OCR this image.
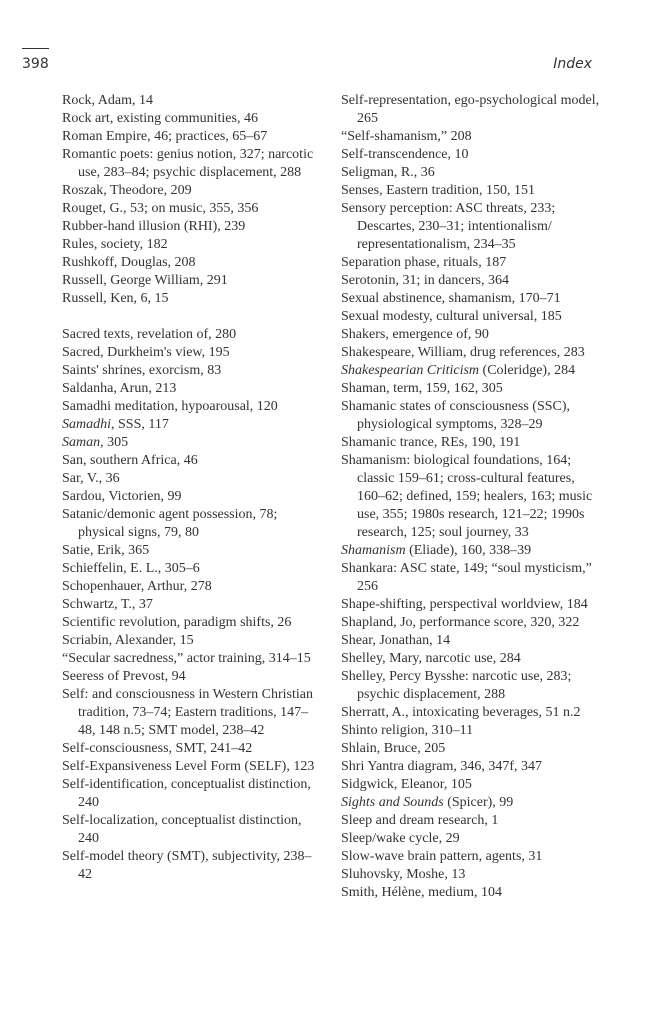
398	Index
Rock, Adam, 14
Rock art, existing communities, 46
Roman Empire, 46; practices, 65–67
Romantic poets: genius notion, 327; narcotic use, 283–84; psychic displacement, 288
Roszak, Theodore, 209
Rouget, G., 53; on music, 355, 356
Rubber-hand illusion (RHI), 239
Rules, society, 182
Rushkoff, Douglas, 208
Russell, George William, 291
Russell, Ken, 6, 15
Sacred texts, revelation of, 280
Sacred, Durkheim's view, 195
Saints' shrines, exorcism, 83
Saldanha, Arun, 213
Samadhi meditation, hypoarousal, 120
Samadhi, SSS, 117
Saman, 305
San, southern Africa, 46
Sar, V., 36
Sardou, Victorien, 99
Satanic/demonic agent possession, 78; physical signs, 79, 80
Satie, Erik, 365
Schieffelin, E. L., 305–6
Schopenhauer, Arthur, 278
Schwartz, T., 37
Scientific revolution, paradigm shifts, 26
Scriabin, Alexander, 15
“Secular sacredness,” actor training, 314–15
Seeress of Prevost, 94
Self: and consciousness in Western Christian tradition, 73–74; Eastern traditions, 147–48, 148 n.5; SMT model, 238–42
Self-consciousness, SMT, 241–42
Self-Expansiveness Level Form (SELF), 123
Self-identification, conceptualist distinction, 240
Self-localization, conceptualist distinction, 240
Self-model theory (SMT), subjectivity, 238–42
Self-representation, ego-psychological model, 265
“Self-shamanism,” 208
Self-transcendence, 10
Seligman, R., 36
Senses, Eastern tradition, 150, 151
Sensory perception: ASC threats, 233; Descartes, 230–31; intentionalism/ representationalism, 234–35
Separation phase, rituals, 187
Serotonin, 31; in dancers, 364
Sexual abstinence, shamanism, 170–71
Sexual modesty, cultural universal, 185
Shakers, emergence of, 90
Shakespeare, William, drug references, 283
Shakespearian Criticism (Coleridge), 284
Shaman, term, 159, 162, 305
Shamanic states of consciousness (SSC), physiological symptoms, 328–29
Shamanic trance, REs, 190, 191
Shamanism: biological foundations, 164; classic 159–61; cross-cultural features, 160–62; defined, 159; healers, 163; music use, 355; 1980s research, 121–22; 1990s research, 125; soul journey, 33
Shamanism (Eliade), 160, 338–39
Shankara: ASC state, 149; “soul mysticism,” 256
Shape-shifting, perspectival worldview, 184
Shapland, Jo, performance score, 320, 322
Shear, Jonathan, 14
Shelley, Mary, narcotic use, 284
Shelley, Percy Bysshe: narcotic use, 283; psychic displacement, 288
Sherratt, A., intoxicating beverages, 51 n.2
Shinto religion, 310–11
Shlain, Bruce, 205
Shri Yantra diagram, 346, 347f, 347
Sidgwick, Eleanor, 105
Sights and Sounds (Spicer), 99
Sleep and dream research, 1
Sleep/wake cycle, 29
Slow-wave brain pattern, agents, 31
Sluhovsky, Moshe, 13
Smith, Hélène, medium, 104
